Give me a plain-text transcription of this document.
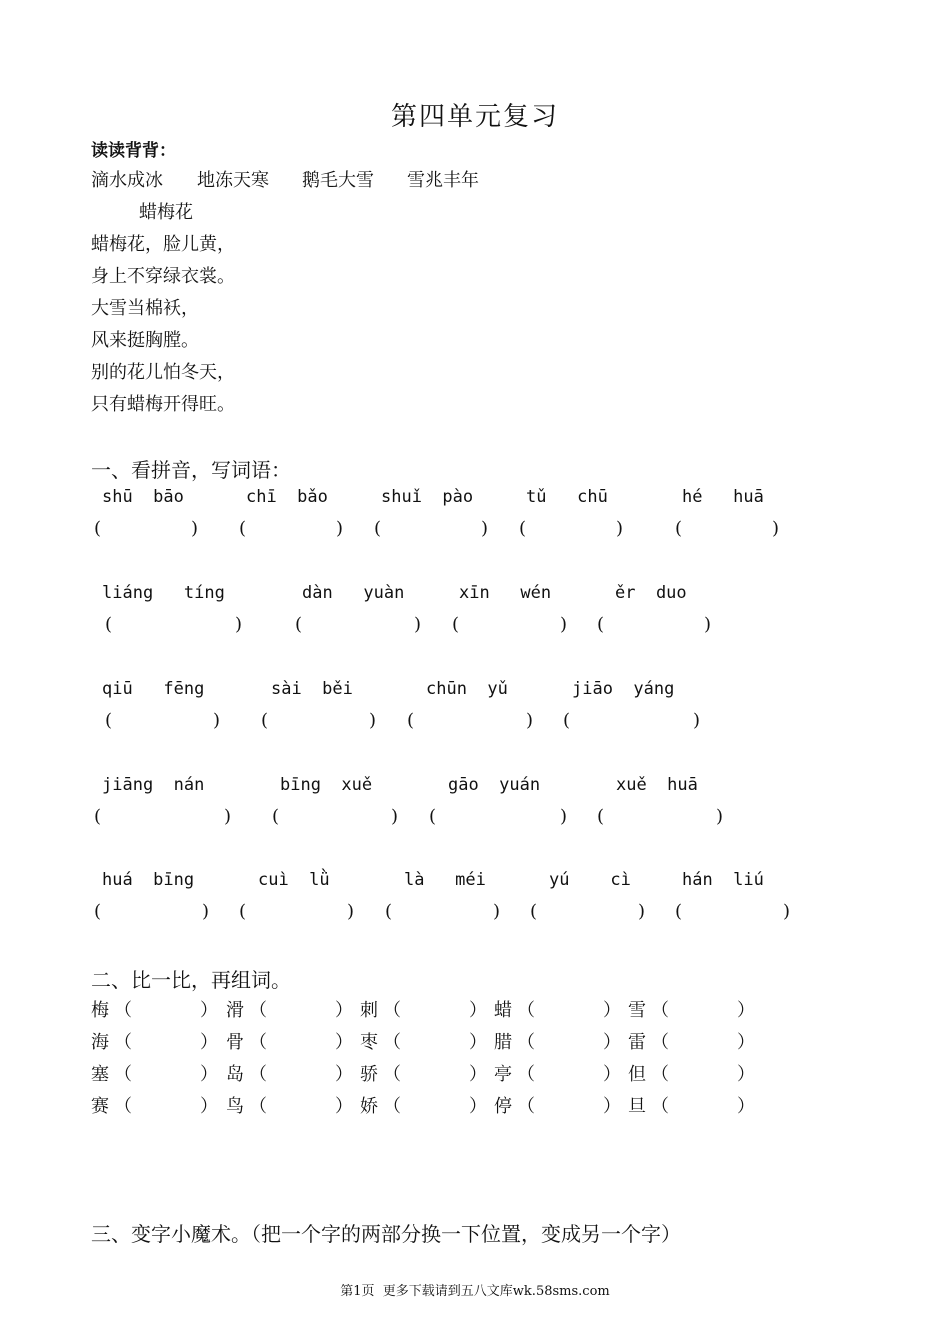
第四单元复习
读读背背：
滴水成冰 地冻天寒 鹅毛大雪 雪兆丰年
蜡梅花
蜡梅花，脸儿黄，
身上不穿绿衣裳。
大雪当棉袄，
风来挺胸膛。
别的花儿怕冬天，
只有蜡梅开得旺。
一、看拼音，写词语：
shū  bāo	chī  bǎo	shuǐ  pào	tǔ   chū	hé   huā
(	) (	) (	) (	)	(	)
liáng   tíng	dàn   yuàn	xīn   wén	ěr  duo
(	)	(	) (	) (	)
qiū   fēng	sài  běi	chūn  yǔ	jiāo  yáng
(	) (	) (	) (	)
jiāng  nán	bīng  xuě	gāo  yuán	xuě  huā
(	) (	) (	) (	)
huá  bīng	cuì  lǜ	là   méi	yú    cì	hán  liú
(	) (	) (	) (	) (	)
二、比一比，再组词。
梅 （	） 滑 （	） 刺 （	） 蜡 （	） 雪 （	）
海 （	） 骨 （	） 枣 （	） 腊 （	） 雷 （	）
塞 （	） 岛 （	） 骄 （	） 亭 （	） 但 （	）
赛 （	） 鸟 （	） 娇 （	） 停 （	） 旦 （	）
三、变字小魔术。（把一个字的两部分换一下位置，变成另一个字）
第1页  更多下载请到五八文库wk.58sms.com
